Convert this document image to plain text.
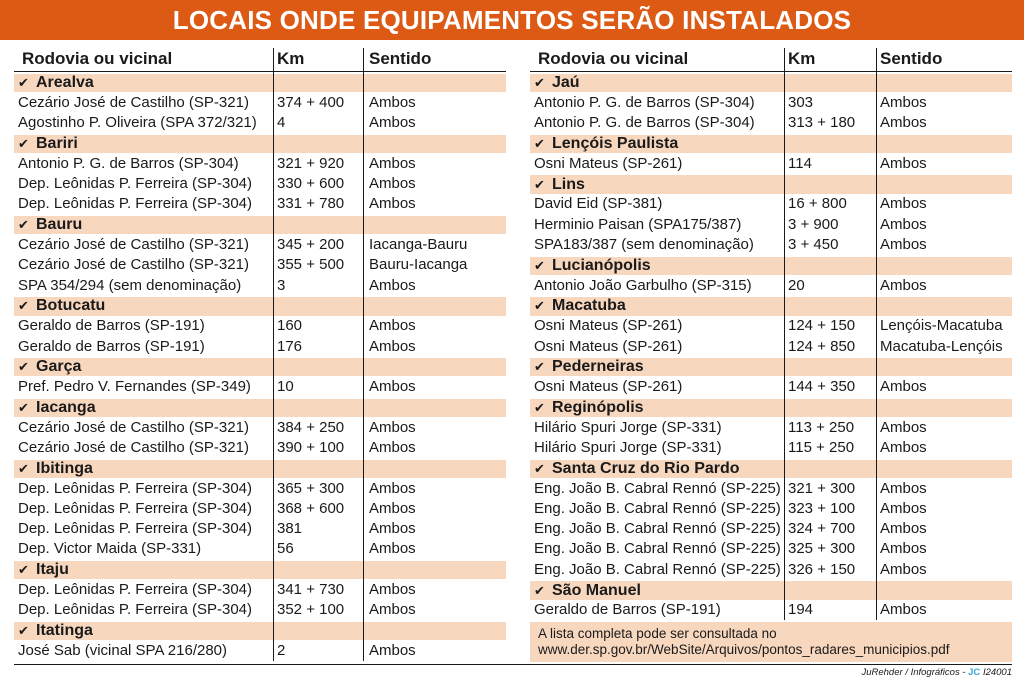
LOCAIS ONDE EQUIPAMENTOS SERÃO INSTALADOS
Rodovia ou vicinal	Km	Sentido
✔ Arealva
Cezário José de Castilho (SP-321)	374 + 400	Ambos
Agostinho P. Oliveira (SPA 372/321)	4	Ambos
✔ Bariri
Antonio P. G. de Barros (SP-304)	321 + 920	Ambos
Dep. Leônidas P. Ferreira (SP-304)	330 + 600	Ambos
Dep. Leônidas P. Ferreira (SP-304)	331 + 780	Ambos
✔ Bauru
Cezário José de Castilho (SP-321)	345 + 200	Iacanga-Bauru
Cezário José de Castilho (SP-321)	355 + 500	Bauru-Iacanga
SPA 354/294 (sem denominação)	3	Ambos
✔ Botucatu
Geraldo de Barros (SP-191)	160	Ambos
Geraldo de Barros (SP-191)	176	Ambos
✔ Garça
Pref. Pedro V. Fernandes (SP-349)	10	Ambos
✔ Iacanga
Cezário José de Castilho (SP-321)	384 + 250	Ambos
Cezário José de Castilho (SP-321)	390 + 100	Ambos
✔ Ibitinga
Dep. Leônidas P. Ferreira (SP-304)	365 + 300	Ambos
Dep. Leônidas P. Ferreira (SP-304)	368 + 600	Ambos
Dep. Leônidas P. Ferreira (SP-304)	381	Ambos
Dep. Victor Maida (SP-331)	56	Ambos
✔ Itaju
Dep. Leônidas P. Ferreira (SP-304)	341 + 730	Ambos
Dep. Leônidas P. Ferreira (SP-304)	352 + 100	Ambos
✔ Itatinga
José Sab (vicinal SPA 216/280)	2	Ambos
Rodovia ou vicinal	Km	Sentido
✔ Jaú
Antonio P. G. de Barros (SP-304)	303	Ambos
Antonio P. G. de Barros (SP-304)	313 + 180	Ambos
✔ Lençóis Paulista
Osni Mateus (SP-261)	114	Ambos
✔ Lins
David Eid (SP-381)	16 + 800	Ambos
Herminio Paisan (SPA175/387)	3 + 900	Ambos
SPA183/387 (sem denominação)	3 + 450	Ambos
✔ Lucianópolis
Antonio João Garbulho (SP-315)	20	Ambos
✔ Macatuba
Osni Mateus (SP-261)	124 + 150	Lençóis-Macatuba
Osni Mateus (SP-261)	124 + 850	Macatuba-Lençóis
✔ Pederneiras
Osni Mateus (SP-261)	144 + 350	Ambos
✔ Reginópolis
Hilário Spuri Jorge (SP-331)	113 + 250	Ambos
Hilário Spuri Jorge (SP-331)	115 + 250	Ambos
✔ Santa Cruz do Rio Pardo
Eng. João B. Cabral Rennó (SP-225) 321 + 300	Ambos
Eng. João B. Cabral Rennó (SP-225) 323 + 100	Ambos
Eng. João B. Cabral Rennó (SP-225) 324 + 700	Ambos
Eng. João B. Cabral Rennó (SP-225) 325 + 300	Ambos
Eng. João B. Cabral Rennó (SP-225) 326 + 150	Ambos
✔ São Manuel
Geraldo de Barros (SP-191)	194	Ambos
A lista completa pode ser consultada no
www.der.sp.gov.br/WebSite/Arquivos/pontos_radares_municipios.pdf
JuRehder / Infográficos - JC I24001
